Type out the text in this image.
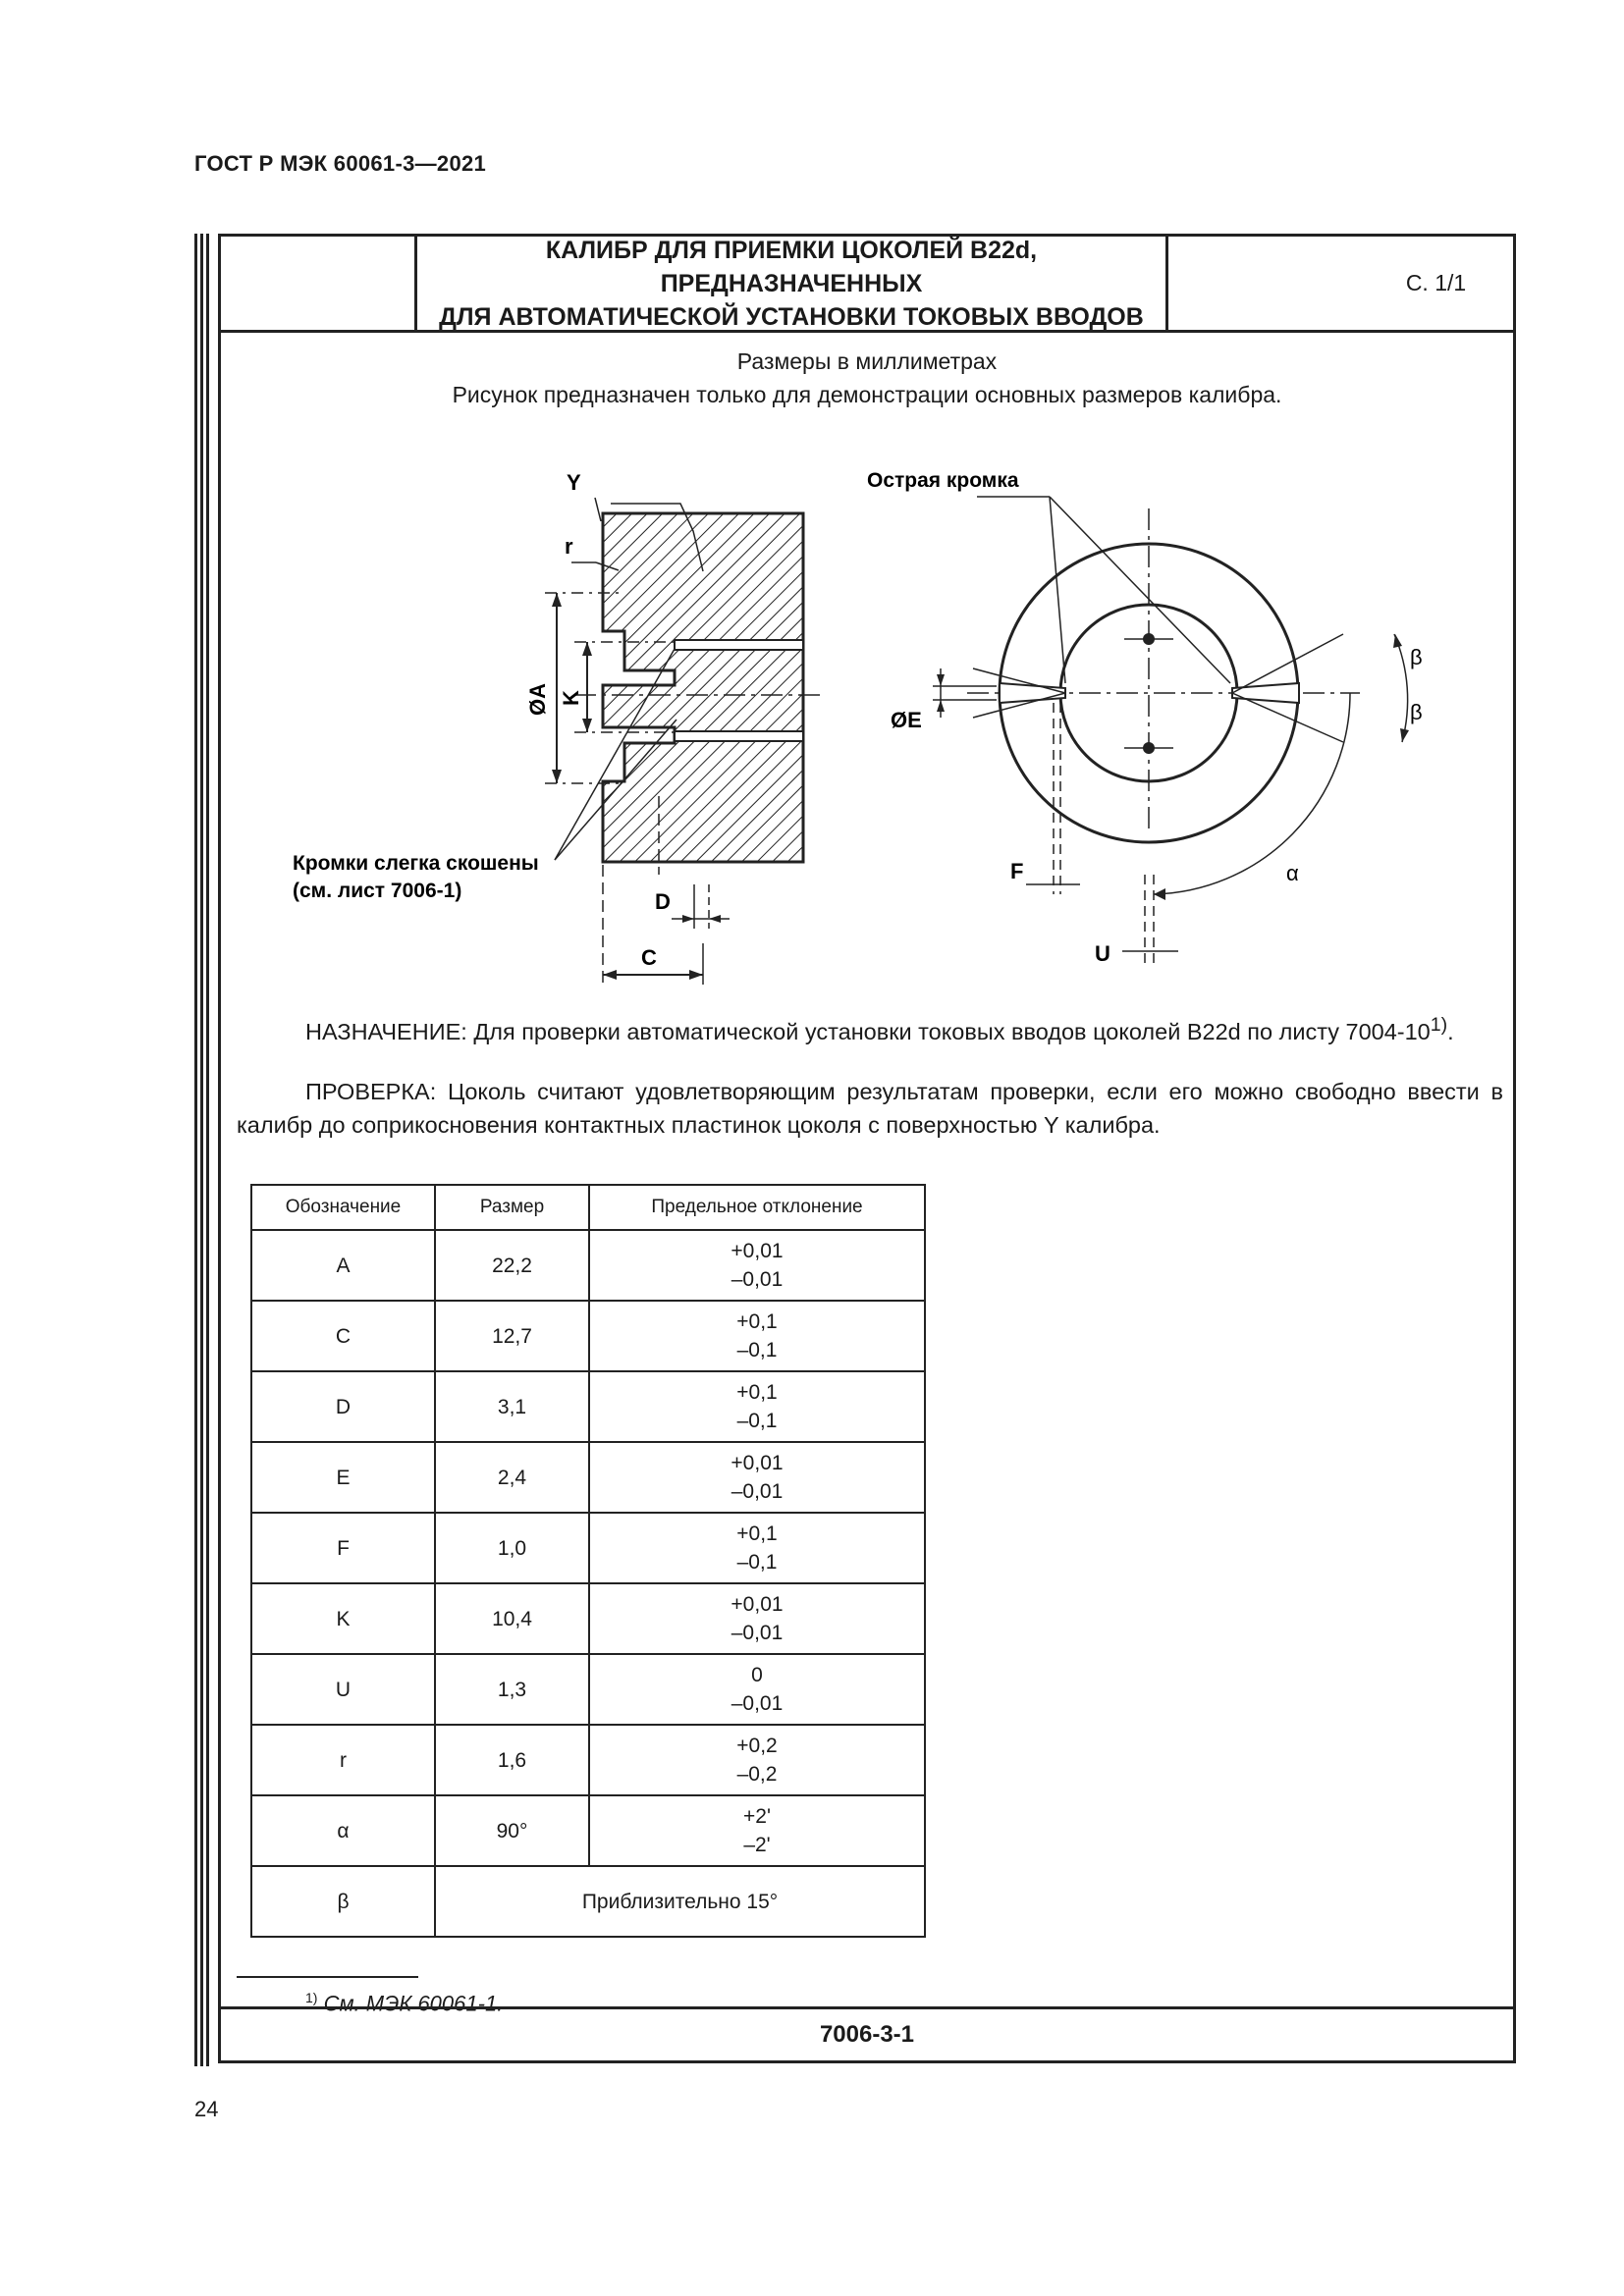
ГОСТ Р МЭК 60061-3—2021
КАЛИБР ДЛЯ ПРИЕМКИ ЦОКОЛЕЙ B22d, ПРЕДНАЗНАЧЕННЫХ
ДЛЯ АВТОМАТИЧЕСКОЙ УСТАНОВКИ ТОКОВЫХ ВВОДОВ
С. 1/1
Размеры в миллиметрах
Рисунок предназначен только для демонстрации основных размеров калибра.
Y
r
ØA K
Кромки слегка скошены
(см. лист 7006-1)	D
C
Острая кромка
β
β
ØE
F	α
U
НАЗНАЧЕНИЕ: Для проверки автоматической установки токовых вводов цоколей B22d по листу 7004-10$^{1)}$.
ПРОВЕРКА: Цоколь считают удовлетворяющим результатам проверки, если его можно свободно ввести в калибр до соприкосновения контактных пластинок цоколя с поверхностью Y калибра.
Обозначение	Размер	Предельное отклонение
A	22,2	+0,01
–0,01

C	12,7	+0,1
–0,1

D	3,1	+0,1
–0,1

E	2,4	+0,01
–0,01

F	1,0	+0,1
–0,1

K	10,4	+0,01
–0,01

U	1,3	0
–0,01

r	1,6	+0,2
–0,2

α	90°	+2'
–2'

β	Приблизительно 15°	
$^{1)}$ См. МЭК 60061-1.
7006-3-1
24
